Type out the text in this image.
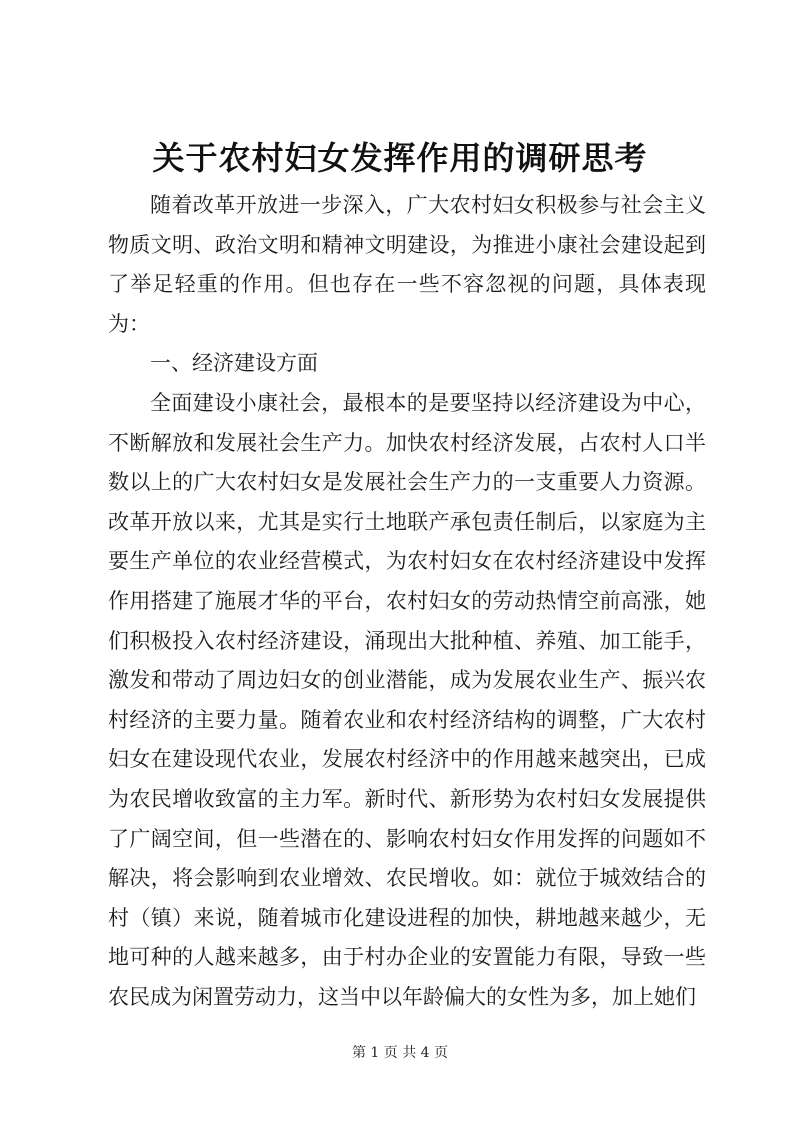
关于农村妇女发挥作用的调研思考

随着改革开放进一步深入，广大农村妇女积极参与社会主义物质文明、政治文明和精神文明建设，为推进小康社会建设起到了举足轻重的作用。但也存在一些不容忽视的问题，具体表现为：

一、经济建设方面

全面建设小康社会，最根本的是要坚持以经济建设为中心，不断解放和发展社会生产力。加快农村经济发展，占农村人口半数以上的广大农村妇女是发展社会生产力的一支重要人力资源。改革开放以来，尤其是实行土地联产承包责任制后，以家庭为主要生产单位的农业经营模式，为农村妇女在农村经济建设中发挥作用搭建了施展才华的平台，农村妇女的劳动热情空前高涨，她们积极投入农村经济建设，涌现出大批种植、养殖、加工能手，激发和带动了周边妇女的创业潜能，成为发展农业生产、振兴农村经济的主要力量。随着农业和农村经济结构的调整，广大农村妇女在建设现代农业，发展农村经济中的作用越来越突出，已成为农民增收致富的主力军。新时代、新形势为农村妇女发展提供了广阔空间，但一些潜在的、影响农村妇女作用发挥的问题如不解决，将会影响到农业增效、农民增收。如：就位于城效结合的村（镇）来说，随着城市化建设进程的加快，耕地越来越少，无地可种的人越来越多，由于村办企业的安置能力有限，导致一些农民成为闲置劳动力，这当中以年龄偏大的女性为多，加上她们

第 1 页 共 4 页
